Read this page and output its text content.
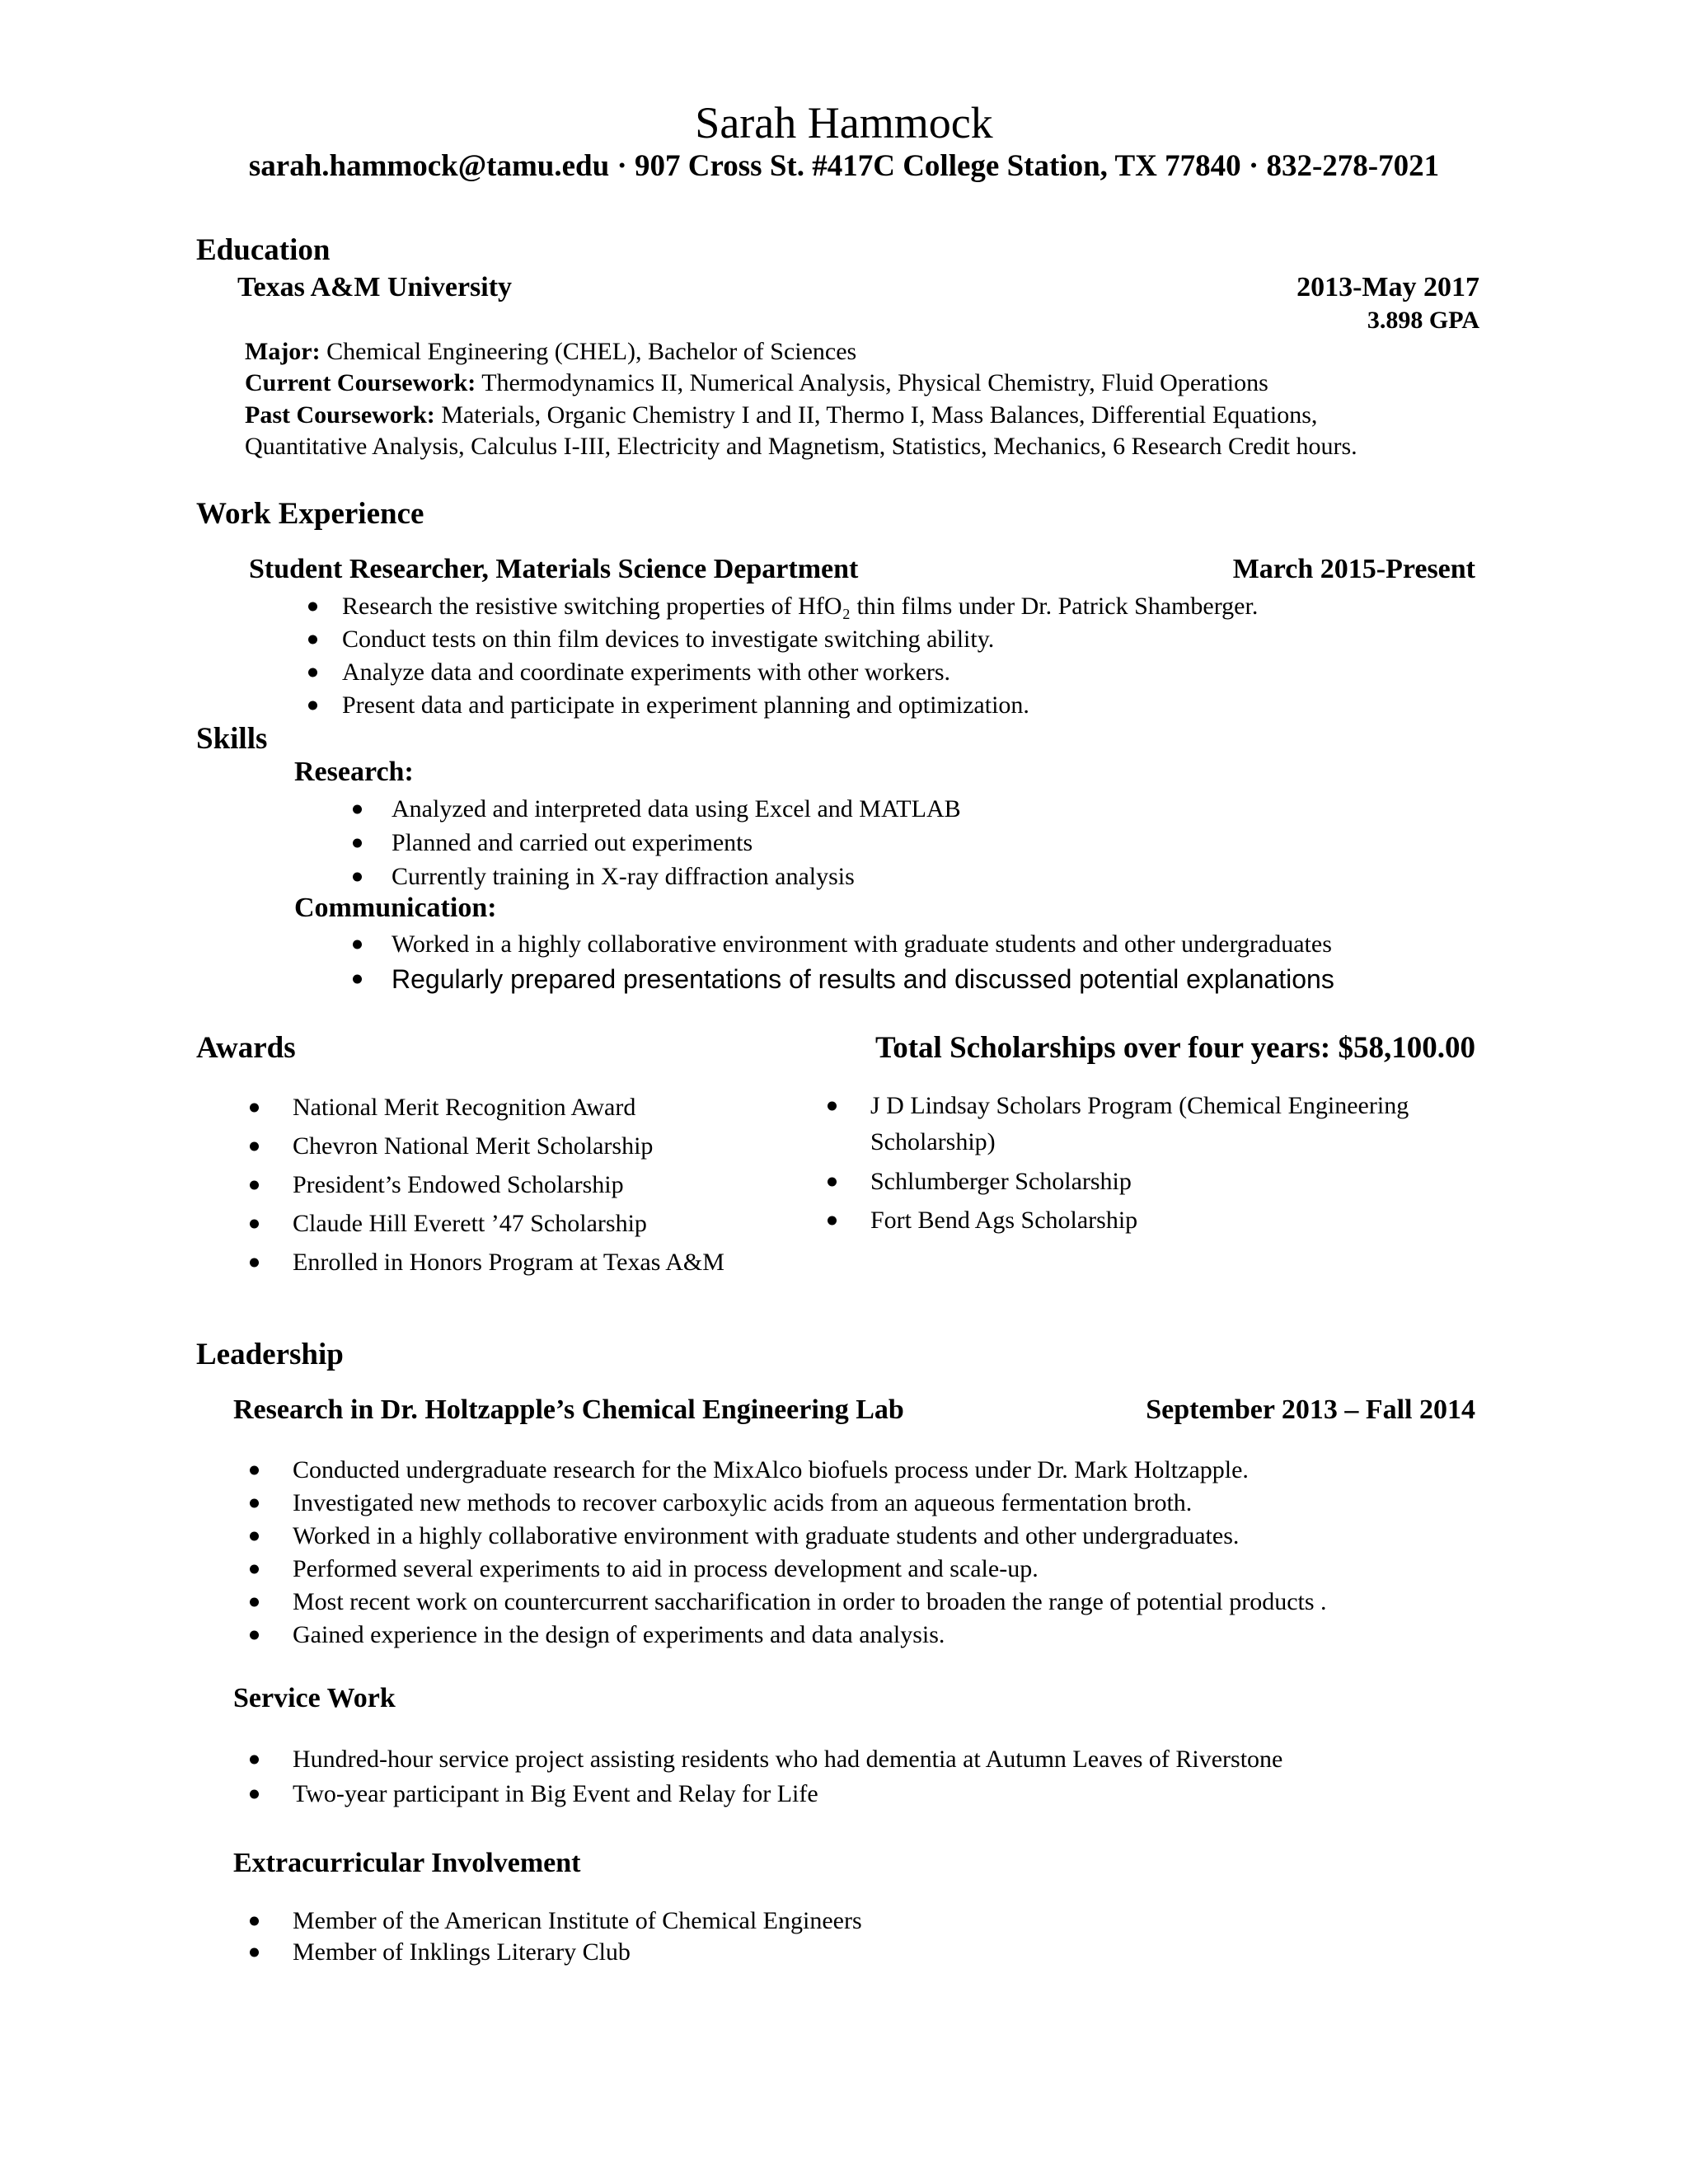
Sarah Hammock
sarah.hammock@tamu.edu · 907 Cross St. #417C College Station, TX 77840 · 832-278-7021
Education
Texas A&M University	2013-May 2017
3.898 GPA
Major: Chemical Engineering (CHEL), Bachelor of Sciences
Current Coursework: Thermodynamics II, Numerical Analysis, Physical Chemistry, Fluid Operations
Past Coursework: Materials, Organic Chemistry I and II, Thermo I, Mass Balances, Differential Equations,
Quantitative Analysis, Calculus I-III, Electricity and Magnetism, Statistics, Mechanics, 6 Research Credit hours.
Work Experience
Student Researcher, Materials Science Department	March 2015-Present
Research the resistive switching properties of HfO₂ thin films under Dr. Patrick Shamberger.
Conduct tests on thin film devices to investigate switching ability.
Analyze data and coordinate experiments with other workers.
Present data and participate in experiment planning and optimization.
Skills
Research:
Analyzed and interpreted data using Excel and MATLAB
Planned and carried out experiments
Currently training in X-ray diffraction analysis
Communication:
Worked in a highly collaborative environment with graduate students and other undergraduates
Regularly prepared presentations of results and discussed potential explanations
Awards	Total Scholarships over four years: $58,100.00
National Merit Recognition Award
Chevron National Merit Scholarship
President’s Endowed Scholarship
Claude Hill Everett ’47 Scholarship
Enrolled in Honors Program at Texas A&M
J D Lindsay Scholars Program (Chemical Engineering Scholarship)
Schlumberger Scholarship
Fort Bend Ags Scholarship
Leadership
Research in Dr. Holtzapple’s Chemical Engineering Lab	September 2013 – Fall 2014
Conducted undergraduate research for the MixAlco biofuels process under Dr. Mark Holtzapple.
Investigated new methods to recover carboxylic acids from an aqueous fermentation broth.
Worked in a highly collaborative environment with graduate students and other undergraduates.
Performed several experiments to aid in process development and scale-up.
Most recent work on countercurrent saccharification in order to broaden the range of potential products .
Gained experience in the design of experiments and data analysis.
Service Work
Hundred-hour service project assisting residents who had dementia at Autumn Leaves of Riverstone
Two-year participant in Big Event and Relay for Life
Extracurricular Involvement
Member of the American Institute of Chemical Engineers
Member of Inklings Literary Club
